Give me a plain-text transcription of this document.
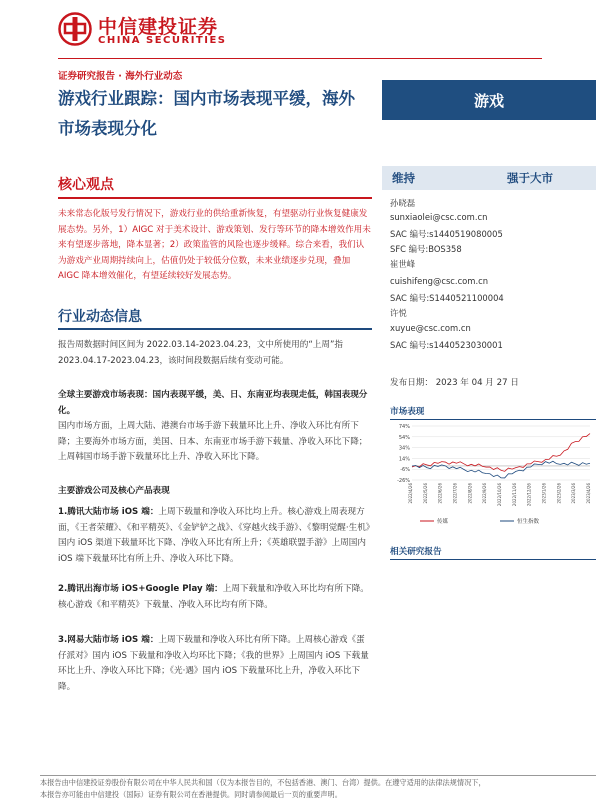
中信建投证券
CHINA SECURITIES
证券研究报告 · 海外行业动态
游戏行业跟踪：国内市场表现平缓，海外市场表现分化
游戏
核心观点
未来常态化版号发行情况下，游戏行业的供给重新恢复，有望驱动行业恢复健康发展态势。另外，1）AIGC 对于美术设计、游戏策划、发行等环节的降本增效作用未来有望逐步落地，降本显著；2）政策监管的风险也逐步缓释。综合来看，我们认为游戏产业周期持续向上，估值仍处于较低分位数，未来业绩逐步兑现，叠加 AIGC 降本增效催化，有望延续较好发展态势。
行业动态信息
报告周数据时间区间为 2022.03.14-2023.04.23，文中所使用的“上周”指 2023.04.17-2023.04.23，该时间段数据后续有变动可能。
全球主要游戏市场表现：国内表现平缓，美、日、东南亚均表现走低，韩国表现分化。
国内市场方面，上周大陆、港澳台市场手游下载量环比上升、净收入环比有所下降；主要海外市场方面，美国、日本、东南亚市场手游下载量、净收入环比下降；上周韩国市场手游下载量环比上升、净收入环比下降。
主要游戏公司及核心产品表现
1.腾讯大陆市场 iOS 端：上周下载量和净收入环比均上升。核心游戏上周表现方面，《王者荣耀》、《和平精英》、《金铲铲之战》、《穿越火线手游》、《黎明觉醒·生机》国内 iOS 渠道下载量环比下降、净收入环比有所上升；《英雄联盟手游》上周国内 iOS 端下载量环比有所上升、净收入环比下降。
2.腾讯出海市场 iOS+Google Play 端：上周下载量和净收入环比均有所下降。核心游戏《和平精英》下载量、净收入环比均有所下降。
3.网易大陆市场 iOS 端：上周下载量和净收入环比有所下降。上周核心游戏《蛋仔派对》国内 iOS 下载量和净收入均环比下降；《我的世界》上周国内 iOS 下载量环比上升、净收入环比下降；《光·遇》国内 iOS 下载量环比上升，净收入环比下降。
维持	强于大市
孙晓磊
sunxiaolei@csc.com.cn
SAC 编号:s1440519080005
SFC 编号:BOS358
崔世峰
cuishifeng@csc.com.cn
SAC 编号:S1440521100004
许悦
xuyue@csc.com.cn
SAC 编号:s1440523030001
发布日期： 2023 年 04 月 27 日
市场表现
74%
54%
34%
14%
-6%
-26%
2022/4/26 2022/5/26 2022/6/26 2022/7/26 2022/8/26 2022/9/26 2022/10/26 2022/11/26 2022/12/26 2023/1/26 2023/2/26 2023/3/26 2023/4/26
传媒	恒生指数
相关研究报告
本报告由中信建投证券股份有限公司在中华人民共和国（仅为本报告目的，不包括香港、澳门、台湾）提供。在遵守适用的法律法规情况下，
本报告亦可能由中信建投（国际）证券有限公司在香港提供。同时请参阅最后一页的重要声明。
